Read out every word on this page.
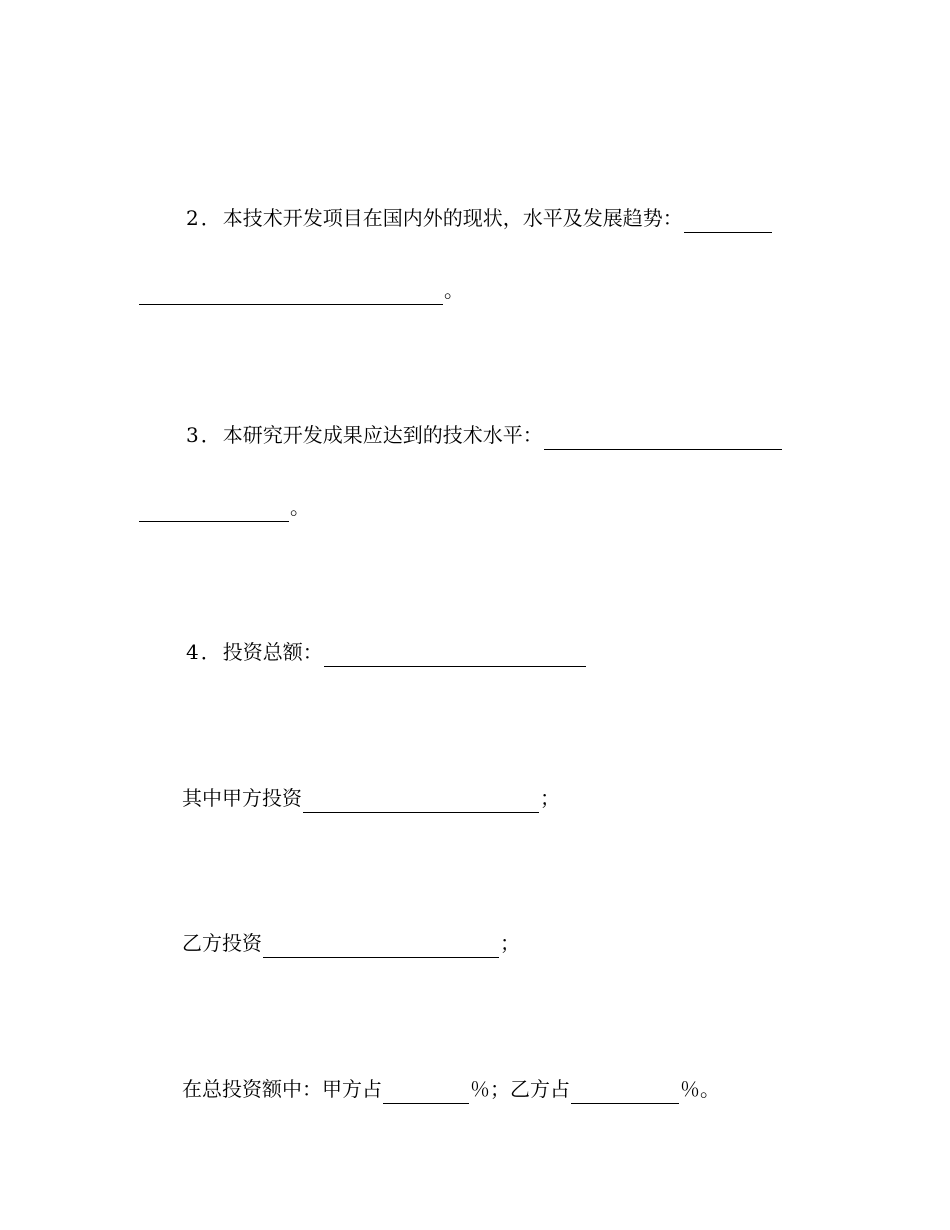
2． 本技术开发项目在国内外的现状，水平及发展趋势：
。
3． 本研究开发成果应达到的技术水平：
。
4． 投资总额：
其中甲方投资	；
乙方投资	；
在总投资额中：甲方占	％；乙方占	％。
